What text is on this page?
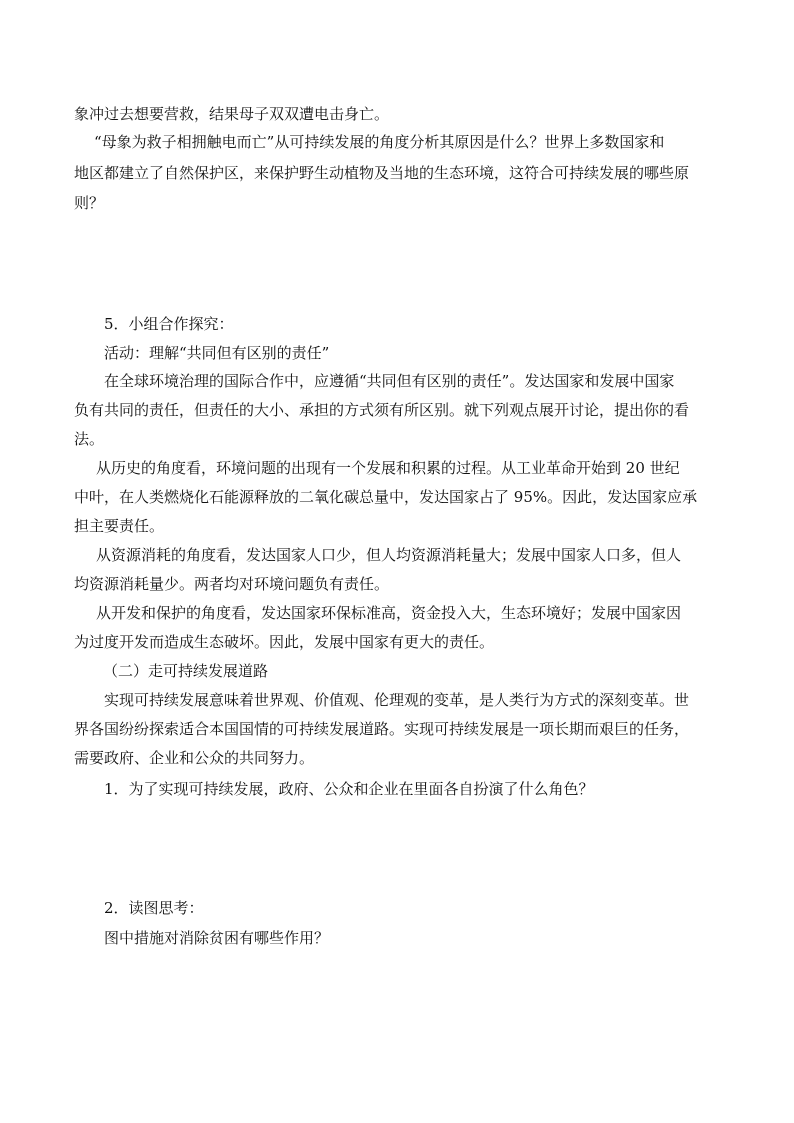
象冲过去想要营救，结果母子双双遭电击身亡。
“母象为救子相拥触电而亡”从可持续发展的角度分析其原因是什么？世界上多数国家和
地区都建立了自然保护区，来保护野生动植物及当地的生态环境，这符合可持续发展的哪些原
则？
5．小组合作探究：
活动：理解“共同但有区别的责任”
在全球环境治理的国际合作中，应遵循“共同但有区别的责任”。发达国家和发展中国家
负有共同的责任，但责任的大小、承担的方式须有所区别。就下列观点展开讨论，提出你的看
法。
从历史的角度看，环境问题的出现有一个发展和积累的过程。从工业革命开始到 20 世纪
中叶，在人类燃烧化石能源释放的二氧化碳总量中，发达国家占了 95%。因此，发达国家应承
担主要责任。
从资源消耗的角度看，发达国家人口少，但人均资源消耗量大；发展中国家人口多，但人
均资源消耗量少。两者均对环境问题负有责任。
从开发和保护的角度看，发达国家环保标准高，资金投入大，生态环境好；发展中国家因
为过度开发而造成生态破坏。因此，发展中国家有更大的责任。
（二）走可持续发展道路
实现可持续发展意味着世界观、价值观、伦理观的变革，是人类行为方式的深刻变革。世
界各国纷纷探索适合本国国情的可持续发展道路。实现可持续发展是一项长期而艰巨的任务，
需要政府、企业和公众的共同努力。
1．为了实现可持续发展，政府、公众和企业在里面各自扮演了什么角色？
2．读图思考：
图中措施对消除贫困有哪些作用？
